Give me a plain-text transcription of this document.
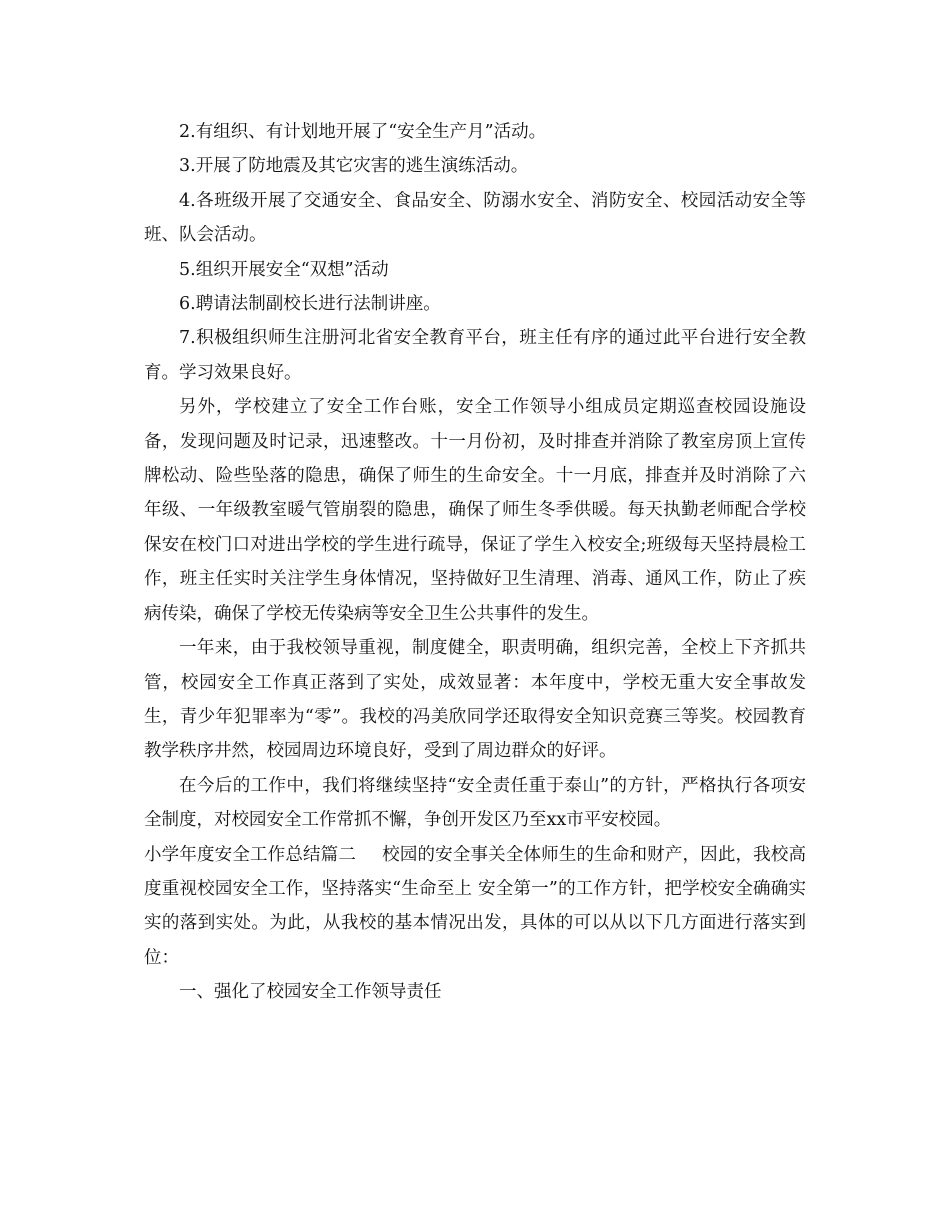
2.有组织、有计划地开展了“安全生产月”活动。

3.开展了防地震及其它灾害的逃生演练活动。

4.各班级开展了交通安全、食品安全、防溺水安全、消防安全、校园活动安全等班、队会活动。

5.组织开展安全“双想”活动

6.聘请法制副校长进行法制讲座。

7.积极组织师生注册河北省安全教育平台，班主任有序的通过此平台进行安全教育。学习效果良好。

另外，学校建立了安全工作台账，安全工作领导小组成员定期巡查校园设施设备，发现问题及时记录，迅速整改。十一月份初，及时排查并消除了教室房顶上宣传牌松动、险些坠落的隐患，确保了师生的生命安全。十一月底，排查并及时消除了六年级、一年级教室暖气管崩裂的隐患，确保了师生冬季供暖。每天执勤老师配合学校保安在校门口对进出学校的学生进行疏导，保证了学生入校安全;班级每天坚持晨检工作，班主任实时关注学生身体情况，坚持做好卫生清理、消毒、通风工作，防止了疾病传染，确保了学校无传染病等安全卫生公共事件的发生。

一年来，由于我校领导重视，制度健全，职责明确，组织完善，全校上下齐抓共管，校园安全工作真正落到了实处，成效显著：本年度中，学校无重大安全事故发生，青少年犯罪率为“零”。我校的冯美欣同学还取得安全知识竞赛三等奖。校园教育教学秩序井然，校园周边环境良好，受到了周边群众的好评。

在今后的工作中，我们将继续坚持“安全责任重于泰山”的方针，严格执行各项安全制度，对校园安全工作常抓不懈，争创开发区乃至xx市平安校园。

小学年度安全工作总结篇二 校园的安全事关全体师生的生命和财产，因此，我校高度重视校园安全工作，坚持落实“生命至上 安全第一”的工作方针，把学校安全确确实实的落到实处。为此，从我校的基本情况出发，具体的可以从以下几方面进行落实到位：

一、强化了校园安全工作领导责任
